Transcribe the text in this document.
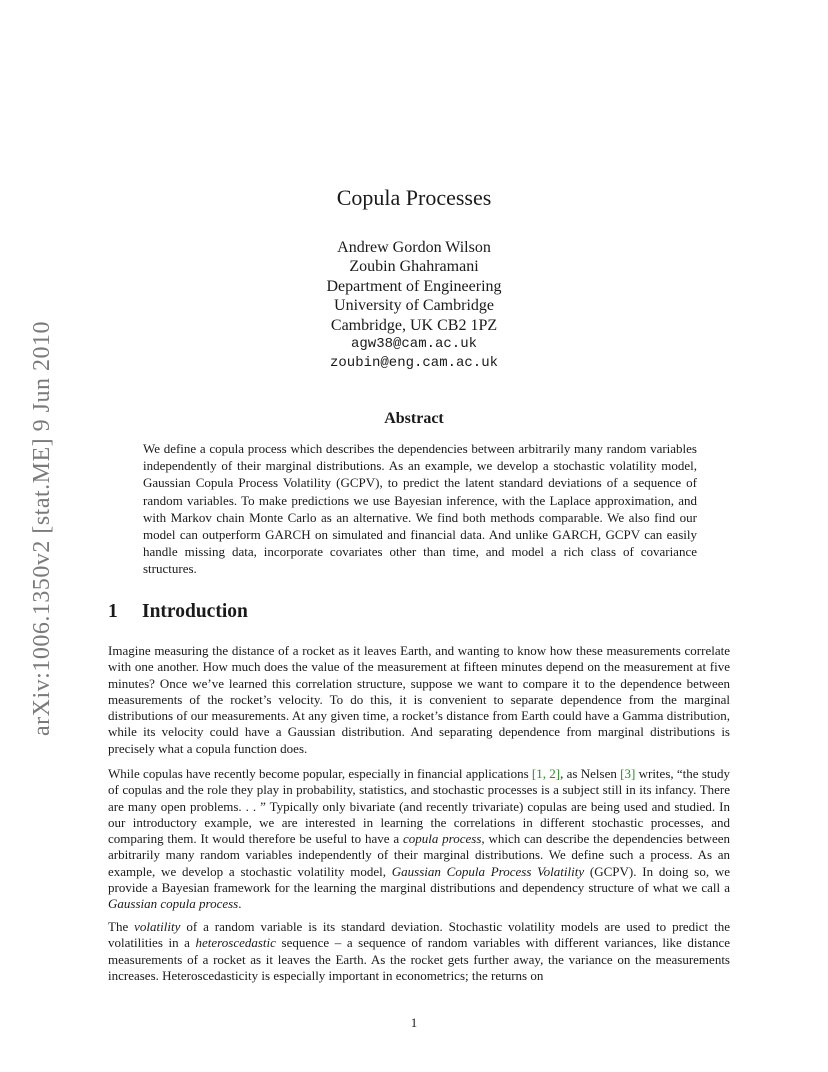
arXiv:1006.1350v2 [stat.ME] 9 Jun 2010
Copula Processes
Andrew Gordon Wilson
Zoubin Ghahramani
Department of Engineering
University of Cambridge
Cambridge, UK CB2 1PZ
agw38@cam.ac.uk
zoubin@eng.cam.ac.uk
Abstract
We define a copula process which describes the dependencies between arbitrarily many random variables independently of their marginal distributions. As an example, we develop a stochastic volatility model, Gaussian Copula Process Volatility (GCPV), to predict the latent standard deviations of a sequence of random variables. To make predictions we use Bayesian inference, with the Laplace approximation, and with Markov chain Monte Carlo as an alternative. We find both methods comparable. We also find our model can outperform GARCH on simulated and financial data. And unlike GARCH, GCPV can easily handle missing data, incorporate covariates other than time, and model a rich class of covariance structures.
1 Introduction
Imagine measuring the distance of a rocket as it leaves Earth, and wanting to know how these measurements correlate with one another. How much does the value of the measurement at fifteen minutes depend on the measurement at five minutes? Once we’ve learned this correlation structure, suppose we want to compare it to the dependence between measurements of the rocket’s velocity. To do this, it is convenient to separate dependence from the marginal distributions of our measurements. At any given time, a rocket’s distance from Earth could have a Gamma distribution, while its velocity could have a Gaussian distribution. And separating dependence from marginal distributions is precisely what a copula function does.
While copulas have recently become popular, especially in financial applications [1, 2], as Nelsen [3] writes, “the study of copulas and the role they play in probability, statistics, and stochastic processes is a subject still in its infancy. There are many open problems. . . ” Typically only bivariate (and recently trivariate) copulas are being used and studied. In our introductory example, we are interested in learning the correlations in different stochastic processes, and comparing them. It would therefore be useful to have a copula process, which can describe the dependencies between arbitrarily many random variables independently of their marginal distributions. We define such a process. As an example, we develop a stochastic volatility model, Gaussian Copula Process Volatility (GCPV). In doing so, we provide a Bayesian framework for the learning the marginal distributions and dependency structure of what we call a Gaussian copula process.
The volatility of a random variable is its standard deviation. Stochastic volatility models are used to predict the volatilities in a heteroscedastic sequence – a sequence of random variables with different variances, like distance measurements of a rocket as it leaves the Earth. As the rocket gets further away, the variance on the measurements increases. Heteroscedasticity is especially important in econometrics; the returns on
1
